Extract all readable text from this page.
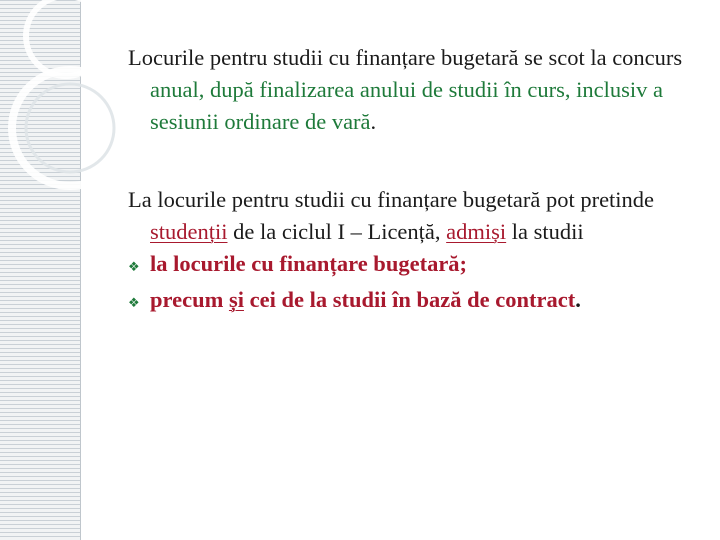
Locurile pentru studii cu finanțare bugetară se scot la concurs anual, după finalizarea anului de studii în curs, inclusiv a sesiunii ordinare de vară.

La locurile pentru studii cu finanțare bugetară pot pretinde studenții de la ciclul I – Licență, admiși la studii

❖ la locurile cu finanțare bugetară;
❖ precum și cei de la studii în bază de contract.
